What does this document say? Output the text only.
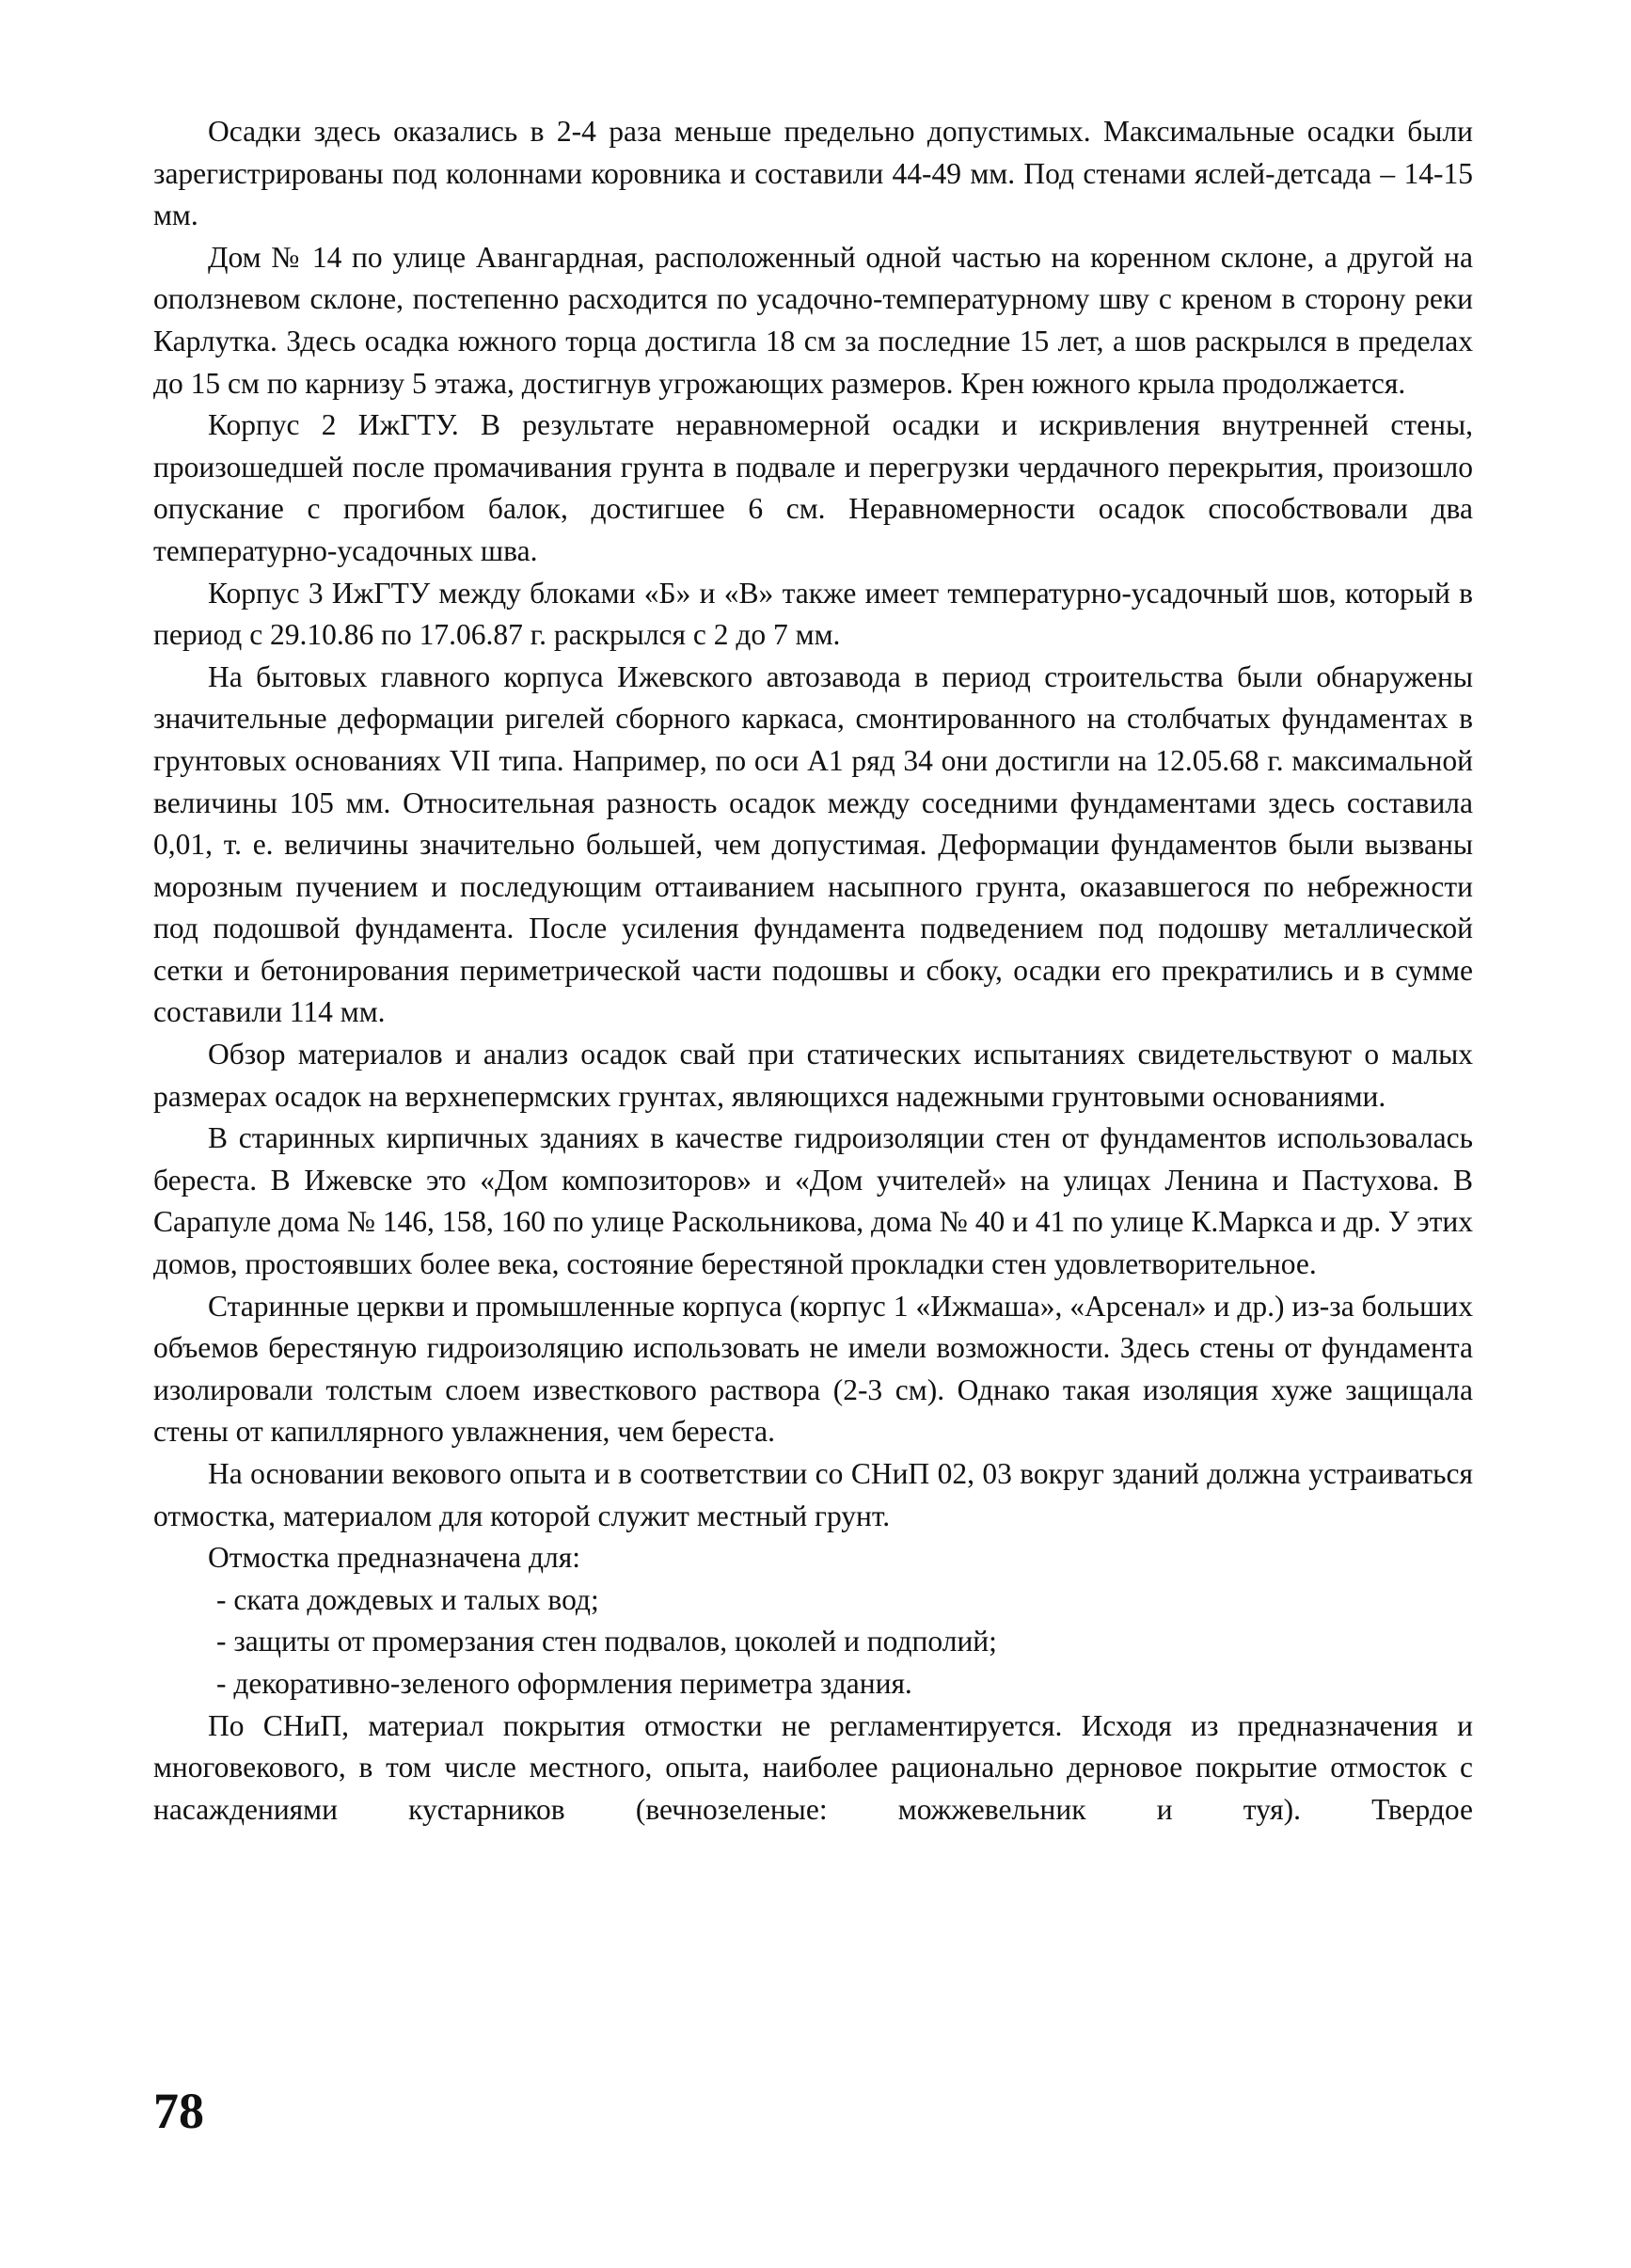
Осадки здесь оказались в 2-4 раза меньше предельно допустимых. Максимальные осадки были зарегистрированы под колоннами коровника и составили 44-49 мм. Под стенами яслей-детсада – 14-15 мм.

Дом № 14 по улице Авангардная, расположенный одной частью на коренном склоне, а другой на оползневом склоне, постепенно расходится по усадочно-температурному шву с креном в сторону реки Карлутка. Здесь осадка южного торца достигла 18 см за последние 15 лет, а шов раскрылся в пределах до 15 см по карнизу 5 этажа, достигнув угрожающих размеров. Крен южного крыла продолжается.

Корпус 2 ИжГТУ. В результате неравномерной осадки и искривления внутренней стены, произошедшей после промачивания грунта в подвале и перегрузки чердачного перекрытия, произошло опускание с прогибом балок, достигшее 6 см. Неравномерности осадок способствовали два температурно-усадочных шва.

Корпус 3 ИжГТУ между блоками «Б» и «В» также имеет температурно-усадочный шов, который в период с 29.10.86 по 17.06.87 г. раскрылся с 2 до 7 мм.

На бытовых главного корпуса Ижевского автозавода в период строительства были обнаружены значительные деформации ригелей сборного каркаса, смонтированного на столбчатых фундаментах в грунтовых основаниях VII типа. Например, по оси А1 ряд 34 они достигли на 12.05.68 г. максимальной величины 105 мм. Относительная разность осадок между соседними фундаментами здесь составила 0,01, т. е. величины значительно большей, чем допустимая. Деформации фундаментов были вызваны морозным пучением и последующим оттаиванием насыпного грунта, оказавшегося по небрежности под подошвой фундамента. После усиления фундамента подведением под подошву металлической сетки и бетонирования периметрической части подошвы и сбоку, осадки его прекратились и в сумме составили 114 мм.

Обзор материалов и анализ осадок свай при статических испытаниях свидетельствуют о малых размерах осадок на верхнепермских грунтах, являющихся надежными грунтовыми основаниями.

В старинных кирпичных зданиях в качестве гидроизоляции стен от фундаментов использовалась береста. В Ижевске это «Дом композиторов» и «Дом учителей» на улицах Ленина и Пастухова. В Сарапуле дома № 146, 158, 160 по улице Раскольникова, дома № 40 и 41 по улице К.Маркса и др. У этих домов, простоявших более века, состояние берестяной прокладки стен удовлетворительное.

Старинные церкви и промышленные корпуса (корпус 1 «Ижмаша», «Арсенал» и др.) из-за больших объемов берестяную гидроизоляцию использовать не имели возможности. Здесь стены от фундамента изолировали толстым слоем известкового раствора (2-3 см). Однако такая изоляция хуже защищала стены от капиллярного увлажнения, чем береста.

На основании векового опыта и в соответствии со СНиП 02, 03 вокруг зданий должна устраиваться отмостка, материалом для которой служит местный грунт.

Отмостка предназначена для:

- ската дождевых и талых вод;

- защиты от промерзания стен подвалов, цоколей и подполий;

- декоративно-зеленого оформления периметра здания.

По СНиП, материал покрытия отмостки не регламентируется. Исходя из предназначения и многовекового, в том числе местного, опыта, наиболее рационально дерновое покрытие отмосток с насаждениями кустарников (вечнозеленые: можжевельник и туя). Твердое

78
